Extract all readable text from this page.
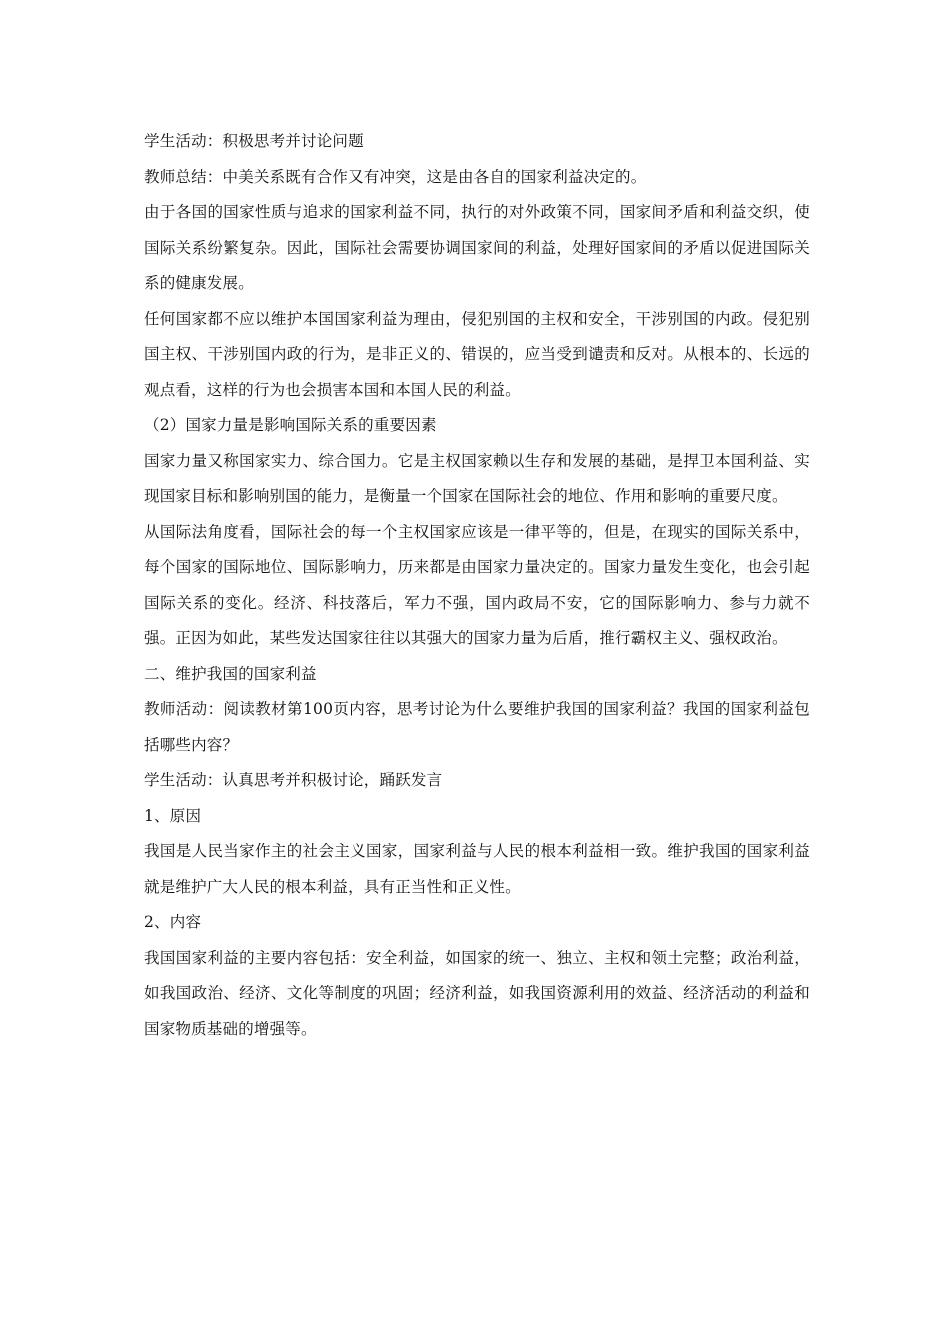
学生活动：积极思考并讨论问题

教师总结：中美关系既有合作又有冲突，这是由各自的国家利益决定的。

由于各国的国家性质与追求的国家利益不同，执行的对外政策不同，国家间矛盾和利益交织，使国际关系纷繁复杂。因此，国际社会需要协调国家间的利益，处理好国家间的矛盾以促进国际关系的健康发展。

任何国家都不应以维护本国国家利益为理由，侵犯别国的主权和安全，干涉别国的内政。侵犯别国主权、干涉别国内政的行为，是非正义的、错误的，应当受到谴责和反对。从根本的、长远的观点看，这样的行为也会损害本国和本国人民的利益。

（2）国家力量是影响国际关系的重要因素

国家力量又称国家实力、综合国力。它是主权国家赖以生存和发展的基础，是捍卫本国利益、实现国家目标和影响别国的能力，是衡量一个国家在国际社会的地位、作用和影响的重要尺度。

从国际法角度看，国际社会的每一个主权国家应该是一律平等的，但是，在现实的国际关系中，每个国家的国际地位、国际影响力，历来都是由国家力量决定的。国家力量发生变化，也会引起国际关系的变化。经济、科技落后，军力不强，国内政局不安，它的国际影响力、参与力就不强。正因为如此，某些发达国家往往以其强大的国家力量为后盾，推行霸权主义、强权政治。

二、维护我国的国家利益

教师活动：阅读教材第100页内容，思考讨论为什么要维护我国的国家利益？我国的国家利益包括哪些内容？

学生活动：认真思考并积极讨论，踊跃发言

1、原因

我国是人民当家作主的社会主义国家，国家利益与人民的根本利益相一致。维护我国的国家利益就是维护广大人民的根本利益，具有正当性和正义性。

2、内容

我国国家利益的主要内容包括：安全利益，如国家的统一、独立、主权和领土完整；政治利益，如我国政治、经济、文化等制度的巩固；经济利益，如我国资源利用的效益、经济活动的利益和国家物质基础的增强等。
